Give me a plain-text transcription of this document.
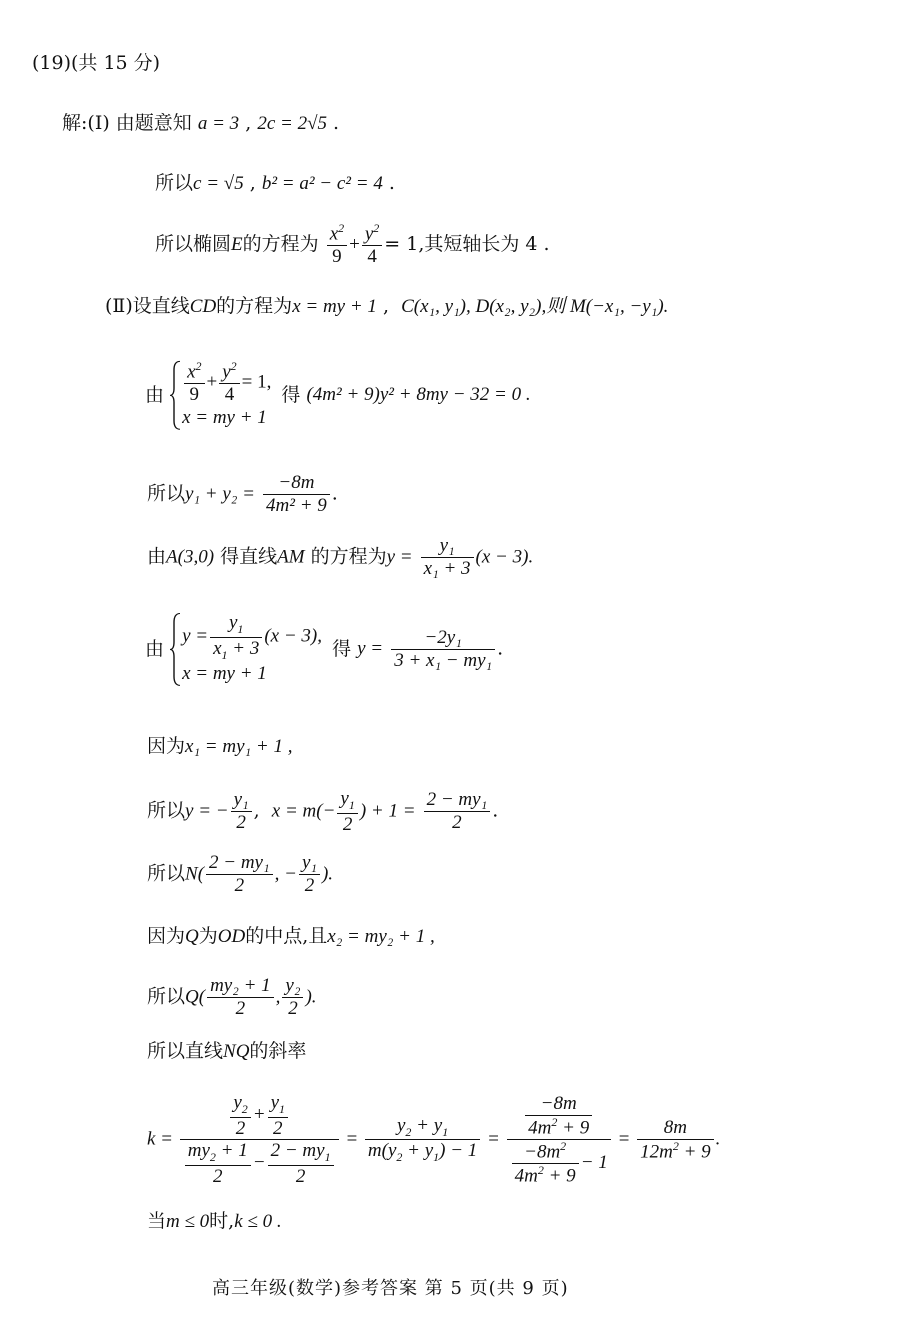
(19)(共 15 分)
解:(Ⅰ) 由题意知 a = 3 , 2c = 2√5 .
所以c = √5 , b² = a² − c² = 4 .
所以椭圆E的方程为 $\frac{x^2}{9} + \frac{y^2}{4} = 1$,其短轴长为 4 .
(Ⅱ)设直线CD的方程为x = my + 1 ,  C(x₁, y₁), D(x₂, y₂),则 M(−x₁, −y₁).
由 $\frac{x^2}{9} + \frac{y^2}{4} = 1$,
x = my + 1
得 (4m² + 9)y² + 8my − 32 = 0 .
所以$y_1 + y_2 = \frac{-8m}{\text{4m² + 9}}$ .
由A(3,0) 得直线AM 的方程为$y = \frac{\text{y₁}}{\text{x₁ + 3}} (x - 3)$.
由
$y = \frac{y_1}{x_1 + 3} (x - 3)$,
x = my + 1
得 $y = \frac{\text{−2y₁}}{\text{3 + x₁ − my₁}}$ .
因为x₁ = my₁ + 1 ,
所以y = − $\frac{\text{y₁}}{2}$ ,  $x = m(- \frac{y_1}{2}$ ) + $1 = \frac{\text{2 − my₁}}{2}$ .
所以$N( \frac{\text{2 − my₁}}{2}$ , − $\frac{\text{y₁}}{2}$ ).
因为Q为OD的中点,且x₂ = my₂ + 1 ,
所以$Q( \frac{\text{my₂ + 1}}{2}$ , $\frac{\text{y₂}}{2}$ ).
所以直线NQ的斜率
$k = \frac{\frac{y_2}{2} + \frac{y_1}{2}}{\frac{my_2 + 1}{2} - \frac{2 - my_1}{2}} = \frac{y_2 + y_1}{m(y_2 + y_1) - 1} = \frac{\frac{-8m}{4m^2 + 9}}{\frac{-8m^2}{4m^2 + 9} - 1} = \frac{8m}{12m^2 + 9}$ .
当m ≤ 0时,k ≤ 0 .
高三年级(数学)参考答案 第 5 页(共 9 页)
